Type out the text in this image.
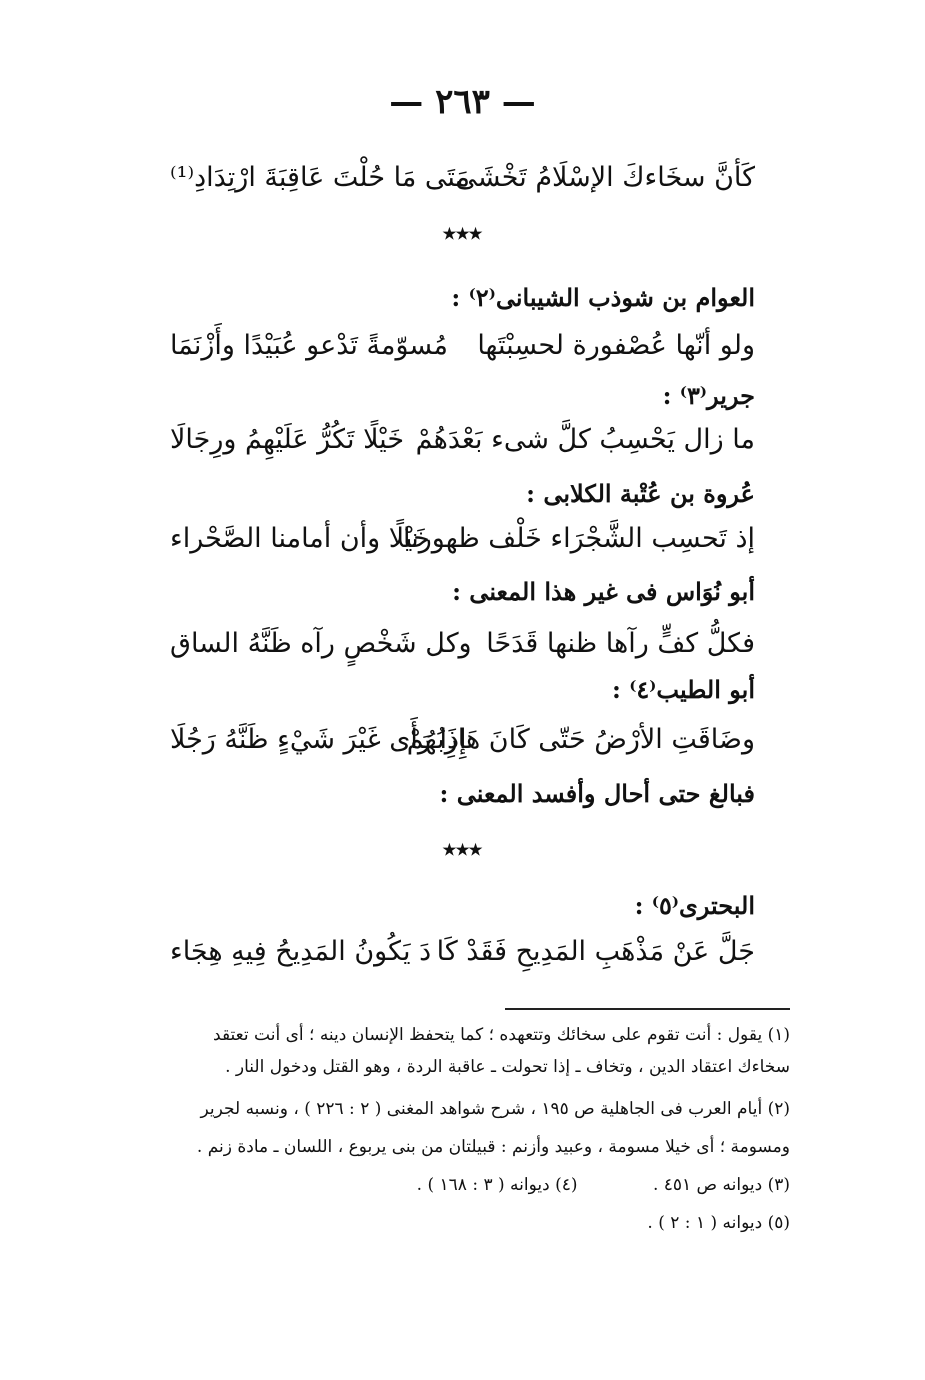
— ٢٦٣ —
كَأنَّ سخَاءكَ الإسْلَامُ تَخْشَى
مَتَى مَا حُلْتَ عَاقِبَةَ ارْتِدَادِ⁽¹⁾
٭٭٭
العوام بن شوذب الشيبانى⁽٢⁾ :
ولو أنّها عُصْفورة لحسِبْتَها
مُسوّمةً تَدْعو عُبَيْدًا وأَزْنَمَا
جرير⁽٣⁾ :
ما زال يَحْسِبُ كلَّ شىء بَعْدَهُمْ
خَيْلًا تَكُرُّ عَلَيْهِمُ ورِجَالَا
عُروة بن عُتْبة الكلابى :
إذ تَحسِب الشَّجْرَاء خَلْف ظهورنا
خَيْلًا وأن أمامنا الصَّحْراء
أبو نُوَاس فى غير هذا المعنى :
فكلُّ كفٍّ رآها ظنها قَدَحًا
وكل شَخْصٍ رآه ظَنَّهُ الساق
أبو الطيب⁽٤⁾ :
وضَاقَتِ الأرْضُ حَتّى كَانَ هَارِبُهُمْ
إِذَا رَأَى غَيْرَ شَيْءٍ ظَنَّهُ رَجُلَا
فبالغ حتى أحال وأفسد المعنى :
٭٭٭
البحترى⁽٥⁾ :
جَلَّ عَنْ مَذْهَبِ المَدِيحِ فَقَدْ كَا
دَ يَكُونُ المَدِيحُ فِيهِ هِجَاء
(١) يقول : أنت تقوم على سخائك وتتعهده ؛ كما يتحفظ الإنسان دينه ؛ أى أنت تعتقد
سخاءك اعتقاد الدين ، وتخاف ـ إذا تحولت ـ عاقبة الردة ، وهو القتل ودخول النار .
(٢) أيام العرب فى الجاهلية ص ١٩٥ ، شرح شواهد المغنى ( ٢ : ٢٢٦ ) ، ونسبه لجرير
ومسومة ؛ أى خيلا مسومة ، وعبيد وأزنم : قبيلتان من بنى يربوع ، اللسان ـ مادة زنم .
(٣) ديوانه ص ٤٥١ . (٤) ديوانه ( ٣ : ١٦٨ ) .
(٥) ديوانه ( ١ : ٢ ) .
